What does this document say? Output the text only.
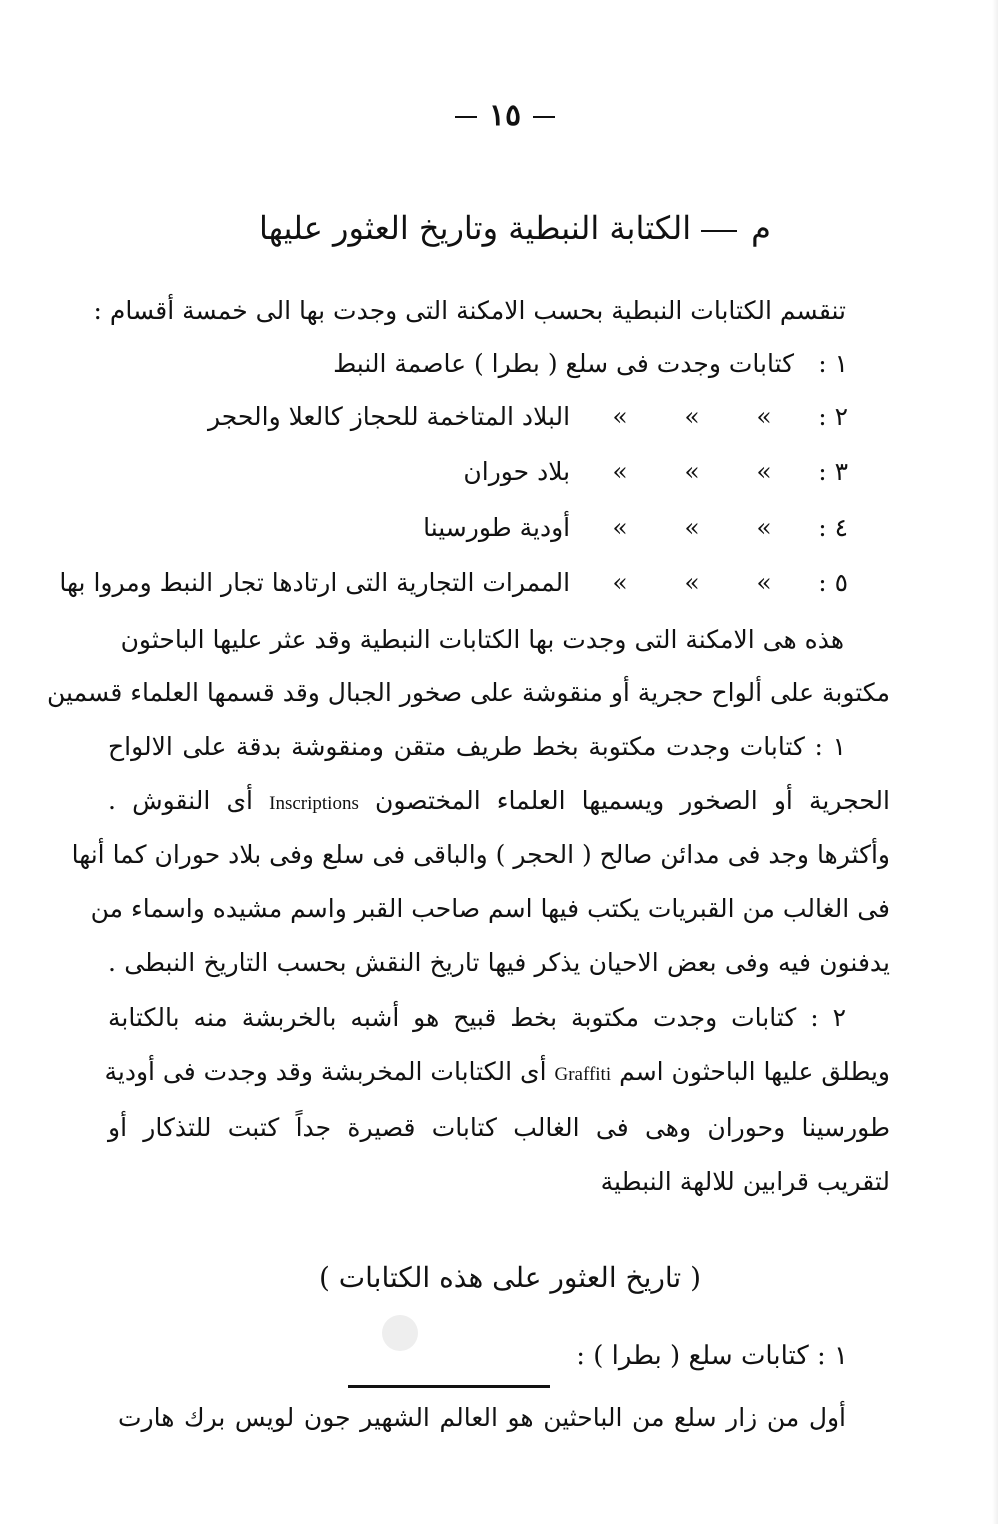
١٥
مالكتابة النبطية وتاريخ العثور عليها
تنقسم الكتابات النبطية بحسب الامكنة التى وجدت بها الى خمسة أقسام :
١ : كتابات وجدت فى سلع ( بطرا ) عاصمة النبط
٢ : »»» البلاد المتاخمة للحجاز كالعلا والحجر
٣ : »»» بلاد حوران
٤ : »»» أودية طورسينا
٥ : »»» الممرات التجارية التى ارتادها تجار النبط ومروا بها
هذه هى الامكنة التى وجدت بها الكتابات النبطية وقد عثر عليها الباحثون
مكتوبة على ألواح حجرية أو منقوشة على صخور الجبال وقد قسمها العلماء قسمين
١ : كتابات وجدت مكتوبة بخط طريف متقن ومنقوشة بدقة على الالواح
الحجرية أو الصخور ويسميها العلماء المختصون Inscriptions أى النقوش .
وأكثرها وجد فى مدائن صالح ( الحجر ) والباقى فى سلع وفى بلاد حوران كما أنها
فى الغالب من القبريات يكتب فيها اسم صاحب القبر واسم مشيده واسماء من
يدفنون فيه وفى بعض الاحيان يذكر فيها تاريخ النقش بحسب التاريخ النبطى .
٢ : كتابات وجدت مكتوبة بخط قبيح هو أشبه بالخربشة منه بالكتابة
ويطلق عليها الباحثون اسم Graffiti أى الكتابات المخربشة وقد وجدت فى أودية
طورسينا وحوران وهى فى الغالب كتابات قصيرة جداً كتبت للتذكار أو
لتقريب قرابين للالهة النبطية
( تاريخ العثور على هذه الكتابات )
١ : كتابات سلع ( بطرا ) :
أول من زار سلع من الباحثين هو العالم الشهير جون لويس برك هارت
